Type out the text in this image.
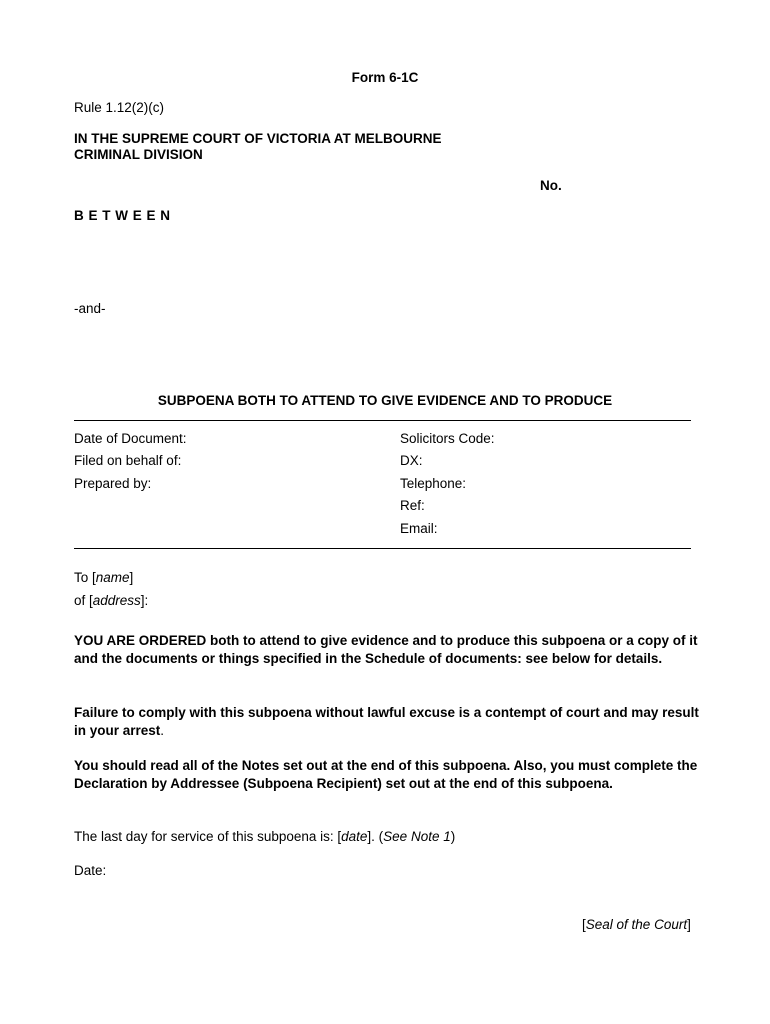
Form 6-1C
Rule 1.12(2)(c)
IN THE SUPREME COURT OF VICTORIA AT MELBOURNE
CRIMINAL DIVISION
No.
B E T W E E N
-and-
SUBPOENA BOTH TO ATTEND TO GIVE EVIDENCE AND TO PRODUCE
Date of Document:
Filed on behalf of:
Prepared by:
Solicitors Code:
DX:
Telephone:
Ref:
Email:
To [name]
of [address]:
YOU ARE ORDERED both to attend to give evidence and to produce this subpoena or a copy of it and the documents or things specified in the Schedule of documents: see below for details.
Failure to comply with this subpoena without lawful excuse is a contempt of court and may result in your arrest.
You should read all of the Notes set out at the end of this subpoena. Also, you must complete the Declaration by Addressee (Subpoena Recipient) set out at the end of this subpoena.
The last day for service of this subpoena is: [date]. (See Note 1)
Date:
[Seal of the Court]
